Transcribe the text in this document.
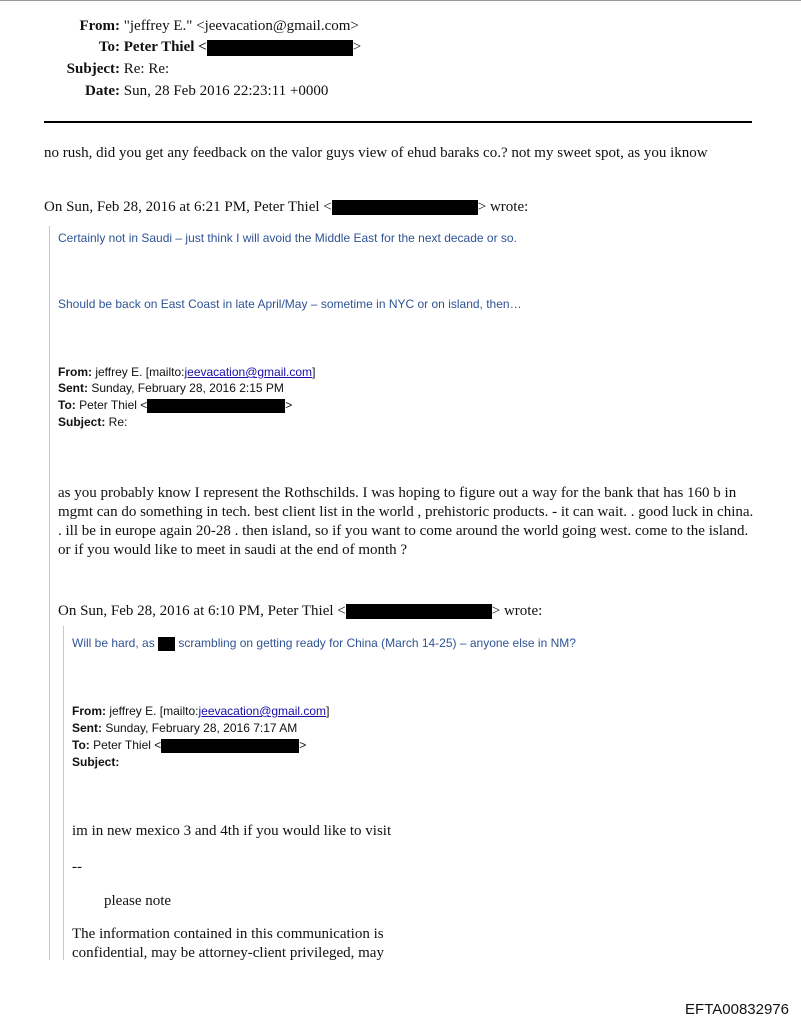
From: "jeffrey E." <jeevacation@gmail.com>
To: Peter Thiel <	>
Subject: Re: Re:
Date: Sun, 28 Feb 2016 22:23:11 +0000
no rush, did you get any feedback on the valor guys view of ehud baraks co.? not my sweet spot, as you iknow
On Sun, Feb 28, 2016 at 6:21 PM, Peter Thiel <	> wrote:
Certainly not in Saudi – just think I will avoid the Middle East for the next decade or so.
Should be back on East Coast in late April/May – sometime in NYC or on island, then…
From: jeffrey E. [mailto:jeevacation@gmail.com]
Sent: Sunday, February 28, 2016 2:15 PM
To: Peter Thiel <	>
Subject: Re:
as you probably know I represent the Rothschilds. I was hoping to figure out a way for the bank that has 160 b in mgmt can do something in tech. best client list in the world , prehistoric products. - it can wait. . good luck in china. . ill be in europe again 20-28 . then island, so if you want to come around the world going west. come to the island. or if you would like to meet in saudi at the end of month ?
On Sun, Feb 28, 2016 at 6:10 PM, Peter Thiel <	> wrote:
Will be hard, as  scrambling on getting ready for China (March 14-25) – anyone else in NM?
From: jeffrey E. [mailto:jeevacation@gmail.com]
Sent: Sunday, February 28, 2016 7:17 AM
To: Peter Thiel <	>
Subject:
im in new mexico 3 and 4th if you would like to visit
--
please note
The information contained in this communication is confidential, may be attorney-client privileged, may
EFTA00832976
